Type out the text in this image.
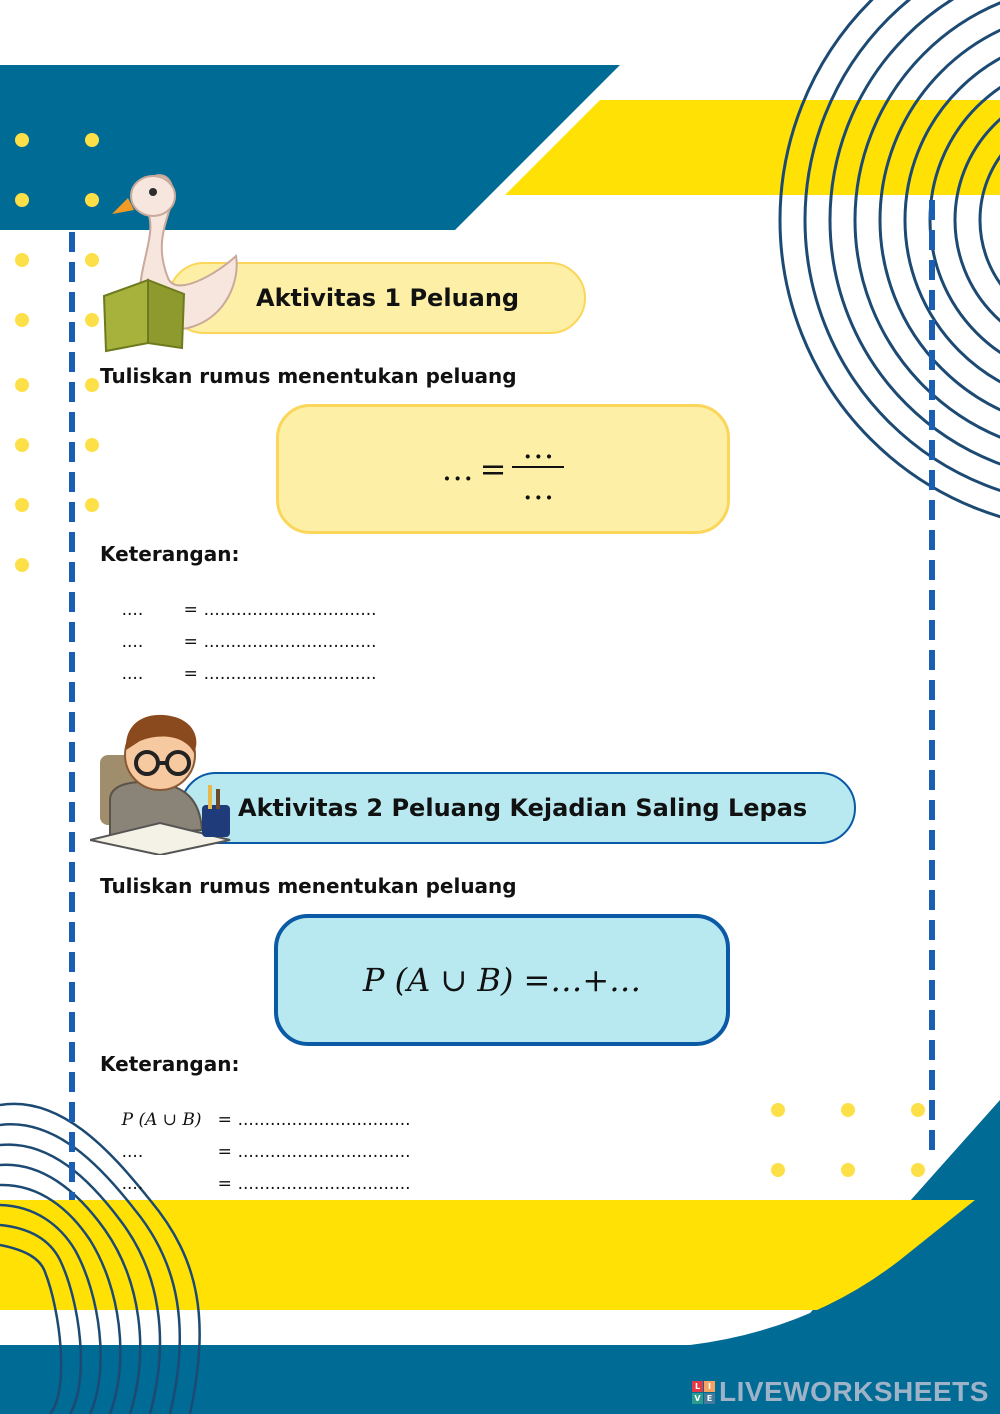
Aktivitas 1 Peluang
Tuliskan rumus menentukan peluang
… =
…
…
Keterangan:

.... = ................................

.... = ................................

.... = ................................

Aktivitas 2 Peluang Kejadian Saling Lepas
Tuliskan rumus menentukan peluang
P (A ∪ B) =…+…
Keterangan:

P (A ∪ B) = ................................

....	= ................................

....	= ................................

L I
V E LIVEWORKSHEETS
